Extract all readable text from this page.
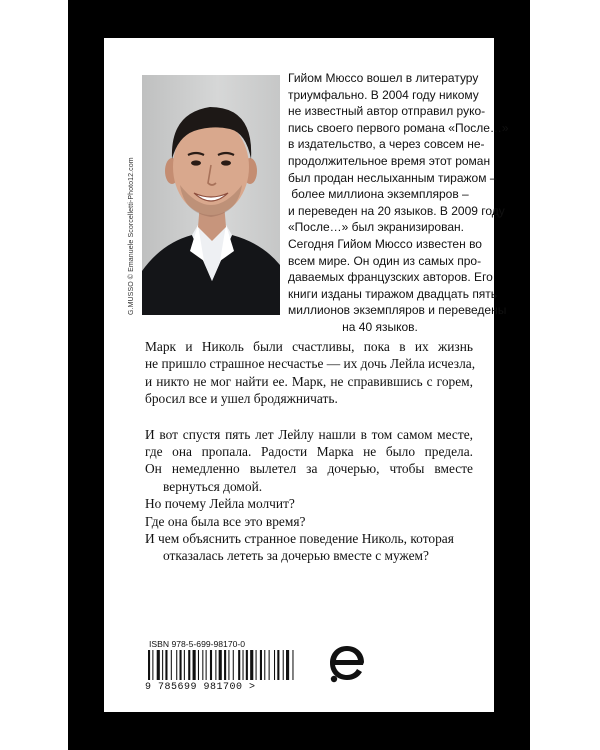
G.MUSSO © Emanuele Scorcelletti-Photo12.com
Гийом Мюссо вошел в литературу
триумфально. В 2004 году никому
не известный автор отправил руко-
пись своего первого романа «После…»
в издательство, а через совсем не-
продолжительное время этот роман
был продан неслыханным тиражом –
более миллиона экземпляров –
и переведен на 20 языков. В 2009 году
«После…» был экранизирован.
Сегодня Гийом Мюссо известен во
всем мире. Он один из самых про-
даваемых французских авторов. Его
книги изданы тиражом двадцать пять
миллионов экземпляров и переведены
на 40 языков.
Марк и Николь были счастливы, пока в их жизнь
не пришло страшное несчастье — их дочь Лейла исчезла,
и никто не мог найти ее. Марк, не справившись с горем,
бросил все и ушел бродяжничать.
И вот спустя пять лет Лейлу нашли в том самом месте,
где она пропала. Радости Марка не было предела.
Он немедленно вылетел за дочерью, чтобы вместе
вернуться домой.
Но почему Лейла молчит?
Где она была все это время?
И чем объяснить странное поведение Николь, которая
отказалась лететь за дочерью вместе с мужем?
ISBN 978-5-699-98170-0
9 785699 981700 >
